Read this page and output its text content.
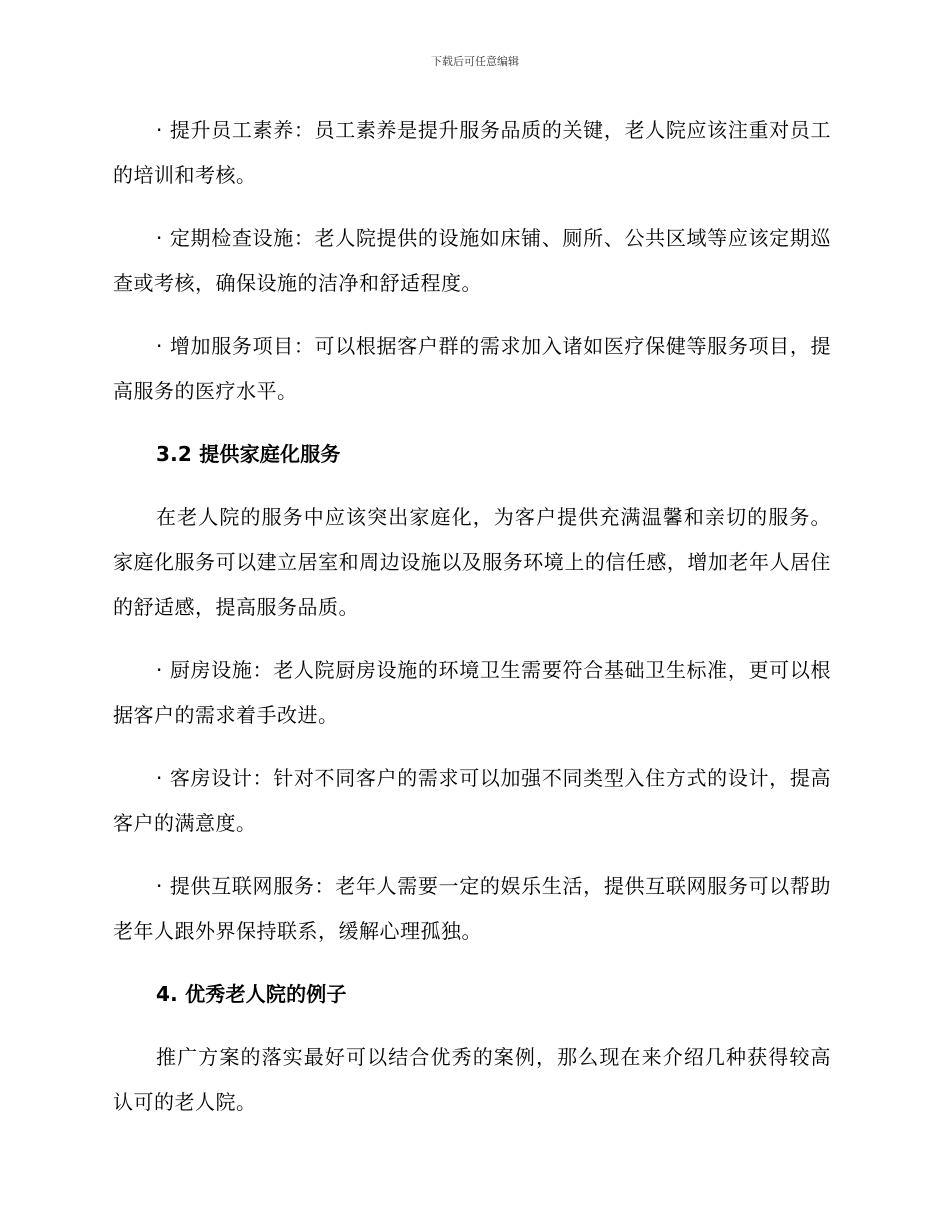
下载后可任意编辑

· 提升员工素养：员工素养是提升服务品质的关键，老人院应该注重对员工的培训和考核。

· 定期检查设施：老人院提供的设施如床铺、厕所、公共区域等应该定期巡查或考核，确保设施的洁净和舒适程度。

· 增加服务项目：可以根据客户群的需求加入诸如医疗保健等服务项目，提高服务的医疗水平。

3.2 提供家庭化服务

在老人院的服务中应该突出家庭化，为客户提供充满温馨和亲切的服务。家庭化服务可以建立居室和周边设施以及服务环境上的信任感，增加老年人居住的舒适感，提高服务品质。

· 厨房设施：老人院厨房设施的环境卫生需要符合基础卫生标准，更可以根据客户的需求着手改进。

· 客房设计：针对不同客户的需求可以加强不同类型入住方式的设计，提高客户的满意度。

· 提供互联网服务：老年人需要一定的娱乐生活，提供互联网服务可以帮助老年人跟外界保持联系，缓解心理孤独。

4. 优秀老人院的例子

推广方案的落实最好可以结合优秀的案例，那么现在来介绍几种获得较高认可的老人院。
